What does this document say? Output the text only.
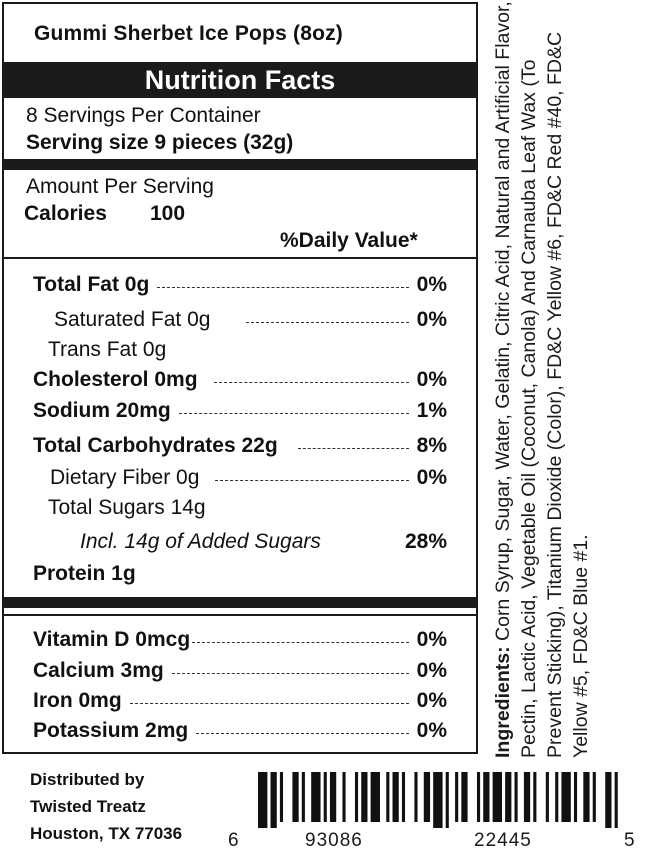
Gummi Sherbet Ice Pops (8oz)
Nutrition Facts
8 Servings Per Container
Serving size 9 pieces (32g)
Amount Per Serving
Calories 100
%Daily Value*
Total Fat 0g	0%
Saturated Fat 0g	0%
Trans Fat 0g
Cholesterol 0mg	0%
Sodium 20mg	1%
Total Carbohydrates 22g	8%
Dietary Fiber 0g	0%
Total Sugars 14g
Incl. 14g of Added Sugars	28%
Protein 1g
Vitamin D 0mcg	0%
Calcium 3mg	0%
Iron 0mg	0%
Potassium 2mg	0% Ingredients: Corn Syrup, Sugar, Water, Gelatin, Citric Acid, Natural and Artificial Flavor, Pectin, Lactic Acid, Vegetable Oil (Coconut, Canola) And Carnauba Leaf Wax (To Prevent Sticking), Titanium Dioxide (Color), FD&C Yellow #6, FD&C Red #40, FD&C Yellow #5, FD&C Blue #1.
Distributed by
Twisted Treatz
Houston, TX 77036 6	93086	22445	5
